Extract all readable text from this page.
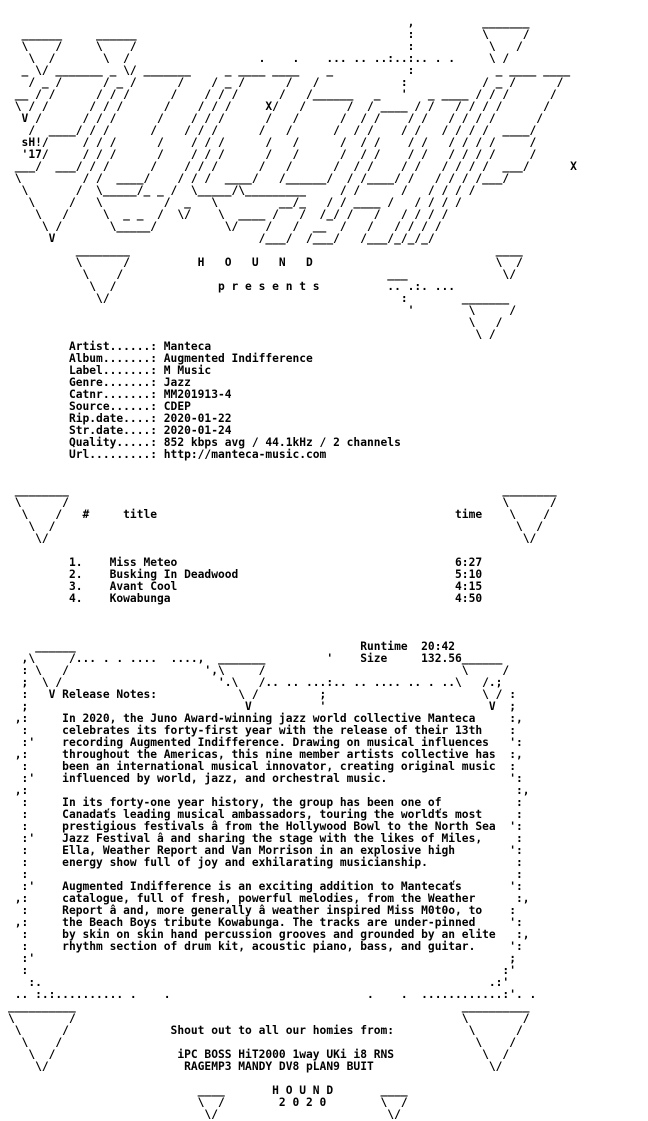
,          _______
______     ______                                        :          \     /
\    /     \    /                                        :           \   /
\  /       \  /                   .    .    ... .. ..:..:.. . .     \ /
_ \/ _______ _ \/ _______     _ ____ ____    _           :            _ ____ ____
/ _ /      / _ /      /    / _ /      /   /            :           / _ /      /
__ / /      / / /      /    / / /      /   /______   _   '   _ ____ / / /      /
\ / /      / / /      /    / / /     X/   /      /  / ____ / /   / / / /      /
V /      / / /      /    / / /      /   /      /  / /    / /   / / / /      /
/  ____/ / /      /    / / /      /   /      /  / /    / /   / / / /  ____/
sH!/     / / /      /    / / /      /   /      /  / /    / /   / / / /     /
'17/     / / /      /    / / /      /   /      /  / /    / /   / / / /     /
___/  ___/ / /      /    / / /      /   /      /  / /    / /   / / / /  ___/      X
\         / /  ____/    / / /  ____/   /______/  / /____/ /   / / / /___/
\       /  \_____/_ _ /  \_____/\_________     / /      /   / / / /
\     /   \         /  _   \         __/_   / / ____ /   / / / /
\   /     \  _ _  /  \/    \  ____ /   /  /_/ /   /   / / / /
\ /       \_____/          \/    /   /  __  /   /   / / / /
V                              /___/  /___/   /___/_/_/_/
________                                                      ____
\      /          H   O   U   N   D                           \  /
\    /                                       ___              \/
\  /               p r e s e n t s          .. .:. ...
\/                                           :        _______
'        \     /
\   /
\ /
Artist......: Manteca
Album.......: Augmented Indifference
Label.......: M Music
Genre.......: Jazz
Catnr.......: MM201913-4
Source......: CDEP
Rip.date....: 2020-01-22
Str.date....: 2020-01-24
Quality.....: 852 kbps avg / 44.1kHz / 2 channels
Url.........: http://manteca-music.com

________                                                                ________
\      /                                                                \      /
\    /   #     title                                            time    \    /
\  /                                                                    \  /
\/                                                                      \/

1.    Miss Meteo                                         6:27
2.    Busking In Deadwood                                5:10
3.    Avant Cool                                         4:15
4.    Kowabunga                                          4:50

______                                          Runtime  20:42
,\     /... . . ....  ....,  _______         '    Size     132.56______
: \   /                    ',\     /                             \     /
;  \ /                       '.\   /.. .. ...:.. .. .... .. . ..\   /.;
:   V Release Notes:            \ /         ;                       \ / :
;                                V          '                        V  ;
,:     In 2020, the Juno Award-winning jazz world collective Manteca     :,
:     celebrates its forty-first year with the release of their 13th    :
:'    recording Augmented Indifference. Drawing on musical influences   ':
,:     throughout the Americas, this nine member artists collective has  :,
:     been an international musical innovator, creating original music  :
:'    influenced by world, jazz, and orchestral music.                  ':
,:                                                                        :,
:     In its forty-one year history, the group has been one of           :
:     Canadaťs leading musical ambassadors, touring the worldťs most     :
:     prestigious festivals â from the Hollywood Bowl to the North Sea  ':
:'    Jazz Festival â and sharing the stage with the likes of Miles,     :
:     Ella, Weather Report and Van Morrison in an explosive high        ':
:     energy show full of joy and exhilarating musicianship.             :
:                                                                        :
:'    Augmented Indifference is an exciting addition to Mantecaťs       ':
,:     catalogue, full of fresh, powerful melodies, from the Weather      :,
:     Report â and, more generally â weather inspired Miss M0t0o, to    :
,:     the Beach Boys tribute Kowabunga. The tracks are under-pinned     ':
:     by skin on skin hand percussion grooves and grounded by an elite   :,
:     rhythm section of drum kit, acoustic piano, bass, and guitar.     ':
:'                                                                      ;
:                                                                      :'
:.                                                                  .:'
.. :.:.......... .    .                             .    .  ............:'. .
__________                                                         __________
\        /                                                         \        /
\      /               Shout out to all our homies from:           \      /
\    /                                                             \    /
\  /                  iPC BOSS HiT2000 1way UKi i8 RNS             \  /
\/                    RAGEMP3 MANDY DV8 pLAN9 BUIT                 \/

____       H O U N D       ____
\  /        2 0 2 0        \  /
\/                         \/
